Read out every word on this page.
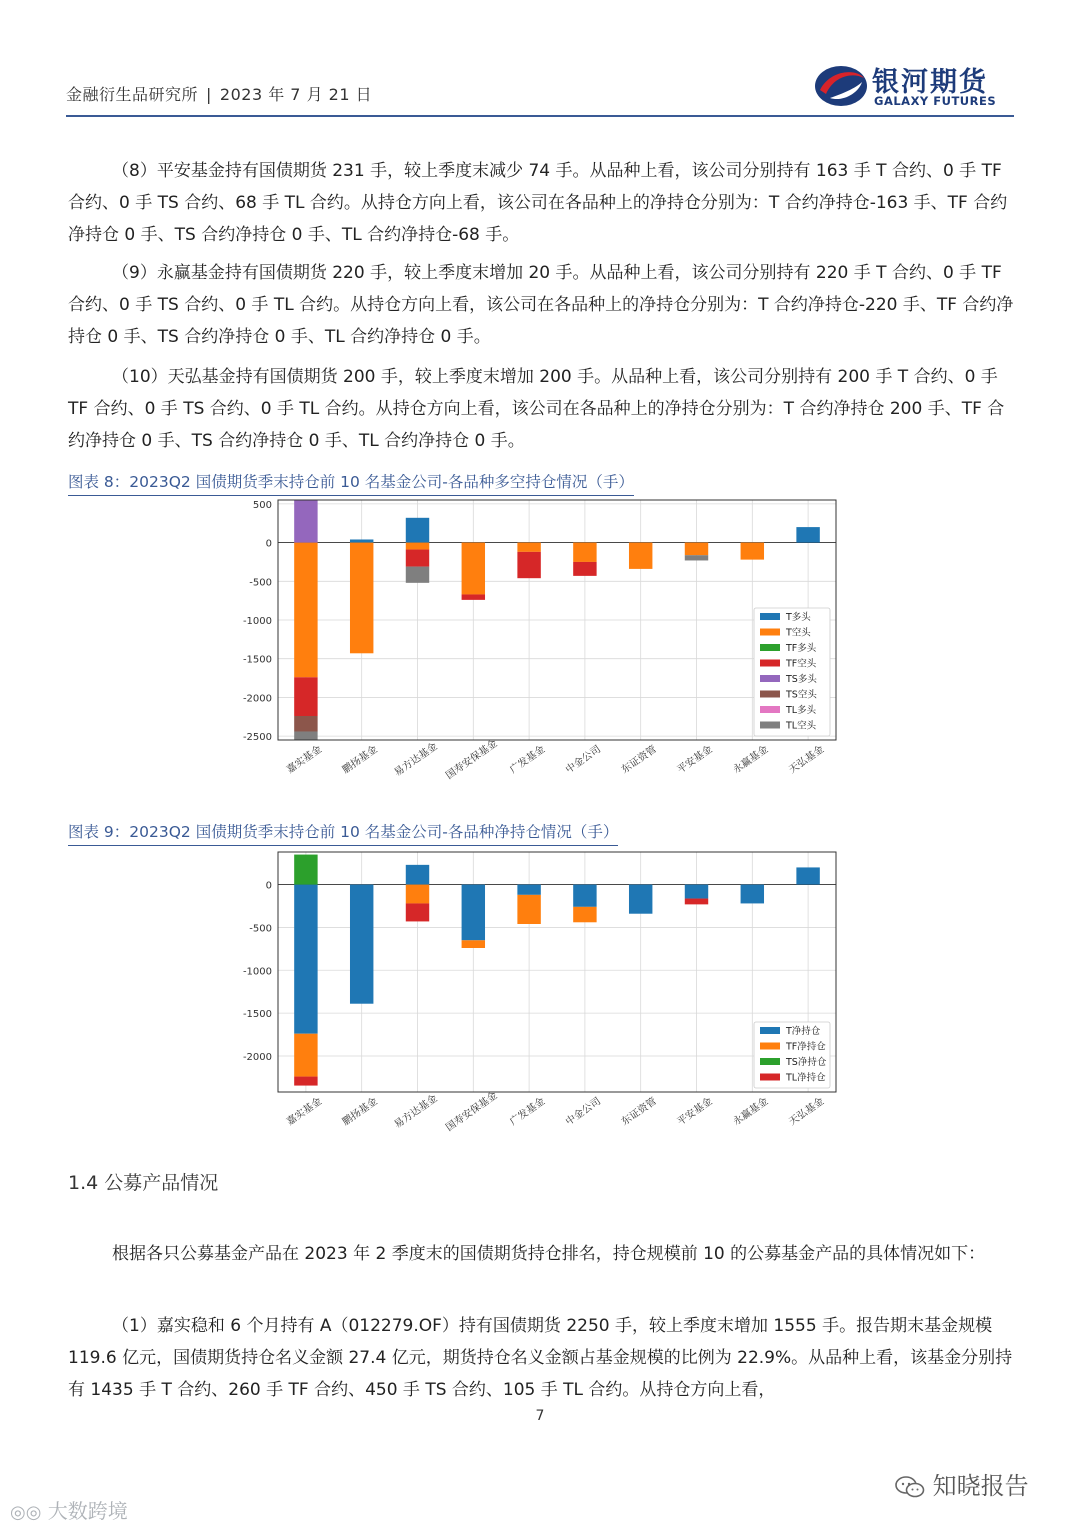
金融衍生品研究所 | 2023 年 7 月 21 日	银河期货
GALAXY FUTURES

（8）平安基金持有国债期货 231 手，较上季度末减少 74 手。从品种上看，该公司分别持有 163 手 T 合约、0 手 TF 合约、0 手 TS 合约、68 手 TL 合约。从持仓方向上看，该公司在各品种上的净持仓分别为：T 合约净持仓-163 手、TF 合约净持仓 0 手、TS 合约净持仓 0 手、TL 合约净持仓-68 手。

（9）永赢基金持有国债期货 220 手，较上季度末增加 20 手。从品种上看，该公司分别持有 220 手 T 合约、0 手 TF 合约、0 手 TS 合约、0 手 TL 合约。从持仓方向上看，该公司在各品种上的净持仓分别为：T 合约净持仓-220 手、TF 合约净持仓 0 手、TS 合约净持仓 0 手、TL 合约净持仓 0 手。

（10）天弘基金持有国债期货 200 手，较上季度末增加 200 手。从品种上看，该公司分别持有 200 手 T 合约、0 手 TF 合约、0 手 TS 合约、0 手 TL 合约。从持仓方向上看，该公司在各品种上的净持仓分别为：T 合约净持仓 200 手、TF 合约净持仓 0 手、TS 合约净持仓 0 手、TL 合约净持仓 0 手。

图表 8：2023Q2 国债期货季末持仓前 10 名基金公司-各品种多空持仓情况（手）
500
0
-500
-1000
-1500
-2000
-2500
嘉实基金 鹏扬基金 易方达基金 国寿安保基金 广发基金 中金公司 东证资管 平安基金 永赢基金 天弘基金
T多头
T空头
TF多头
TF空头
TS多头
TS空头
TL多头
TL空头
图表 9：2023Q2 国债期货季末持仓前 10 名基金公司-各品种净持仓情况（手）
0
-500
-1000
-1500
-2000
嘉实基金 鹏扬基金 易方达基金 国寿安保基金 广发基金 中金公司 东证资管 平安基金 永赢基金 天弘基金
T净持仓
TF净持仓
TS净持仓
TL净持仓
1.4 公募产品情况

根据各只公募基金产品在 2023 年 2 季度末的国债期货持仓排名，持仓规模前 10 的公募基金产品的具体情况如下：

（1）嘉实稳和 6 个月持有 A（012279.OF）持有国债期货 2250 手，较上季度末增加 1555 手。报告期末基金规模 119.6 亿元，国债期货持仓名义金额 27.4 亿元，期货持仓名义金额占基金规模的比例为 22.9%。从品种上看，该基金分别持有 1435 手 T 合约、260 手 TF 合约、450 手 TS 合约、105 手 TL 合约。从持仓方向上看，

7
◎◎ 大数跨境
知晓报告
